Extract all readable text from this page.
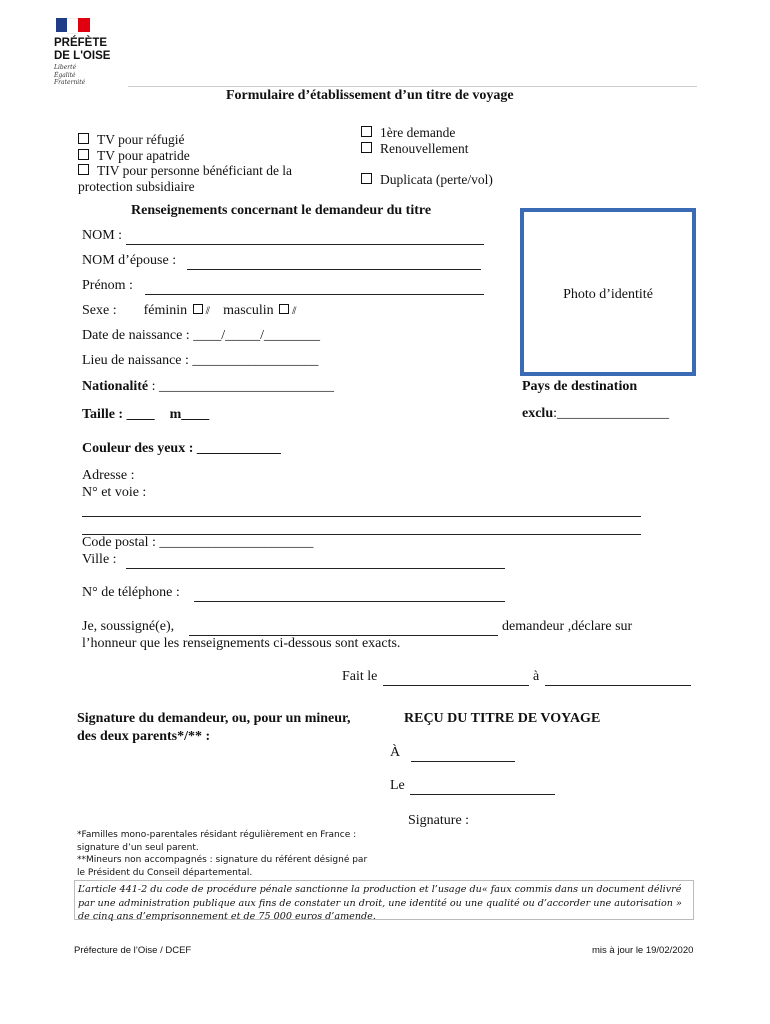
PRÉFÈTE
DE L'OISE
Liberté
Égalité
Fraternité
Formulaire d’établissement d’un titre de voyage
TV pour réfugié
TV pour apatride
TIV pour personne bénéficiant de la
protection subsidiaire
1ère demande
Renouvellement
Duplicata (perte/vol)
Renseignements concernant le demandeur du titre
Photo d’identité
NOM :
NOM d’épouse :
Prénom :
Sexe : féminin ⫽ masculin ⫽
Date de naissance : ____/_____/________
Lieu de naissance : __________________
Nationalité : _________________________
Taille : ____ m____
Pays de destination
exclu:________________
Couleur des yeux : ____________
Adresse :
N° et voie :
Code postal : ______________________
Ville :
N° de téléphone :
Je, soussigné(e),	demandeur ,déclare sur
l’honneur que les renseignements ci-dessous sont exacts.
Fait le	à
Signature du demandeur, ou, pour un mineur,
des deux parents*/** :
REÇU DU TITRE DE VOYAGE
À
Le
Signature :
*Familles mono-parentales résidant régulièrement en France :
signature d’un seul parent.
**Mineurs non accompagnés : signature du référent désigné par
le Président du Conseil départemental.
L’article 441-2 du code de procédure pénale sanctionne la production et l’usage du« faux commis dans un document délivré par une administration publique aux fins de constater un droit, une identité ou une qualité ou d’accorder une autorisation » de cinq ans d’emprisonnement et de 75 000 euros d’amende.
Préfecture de l’Oise / DCEF	mis à jour le 19/02/2020
